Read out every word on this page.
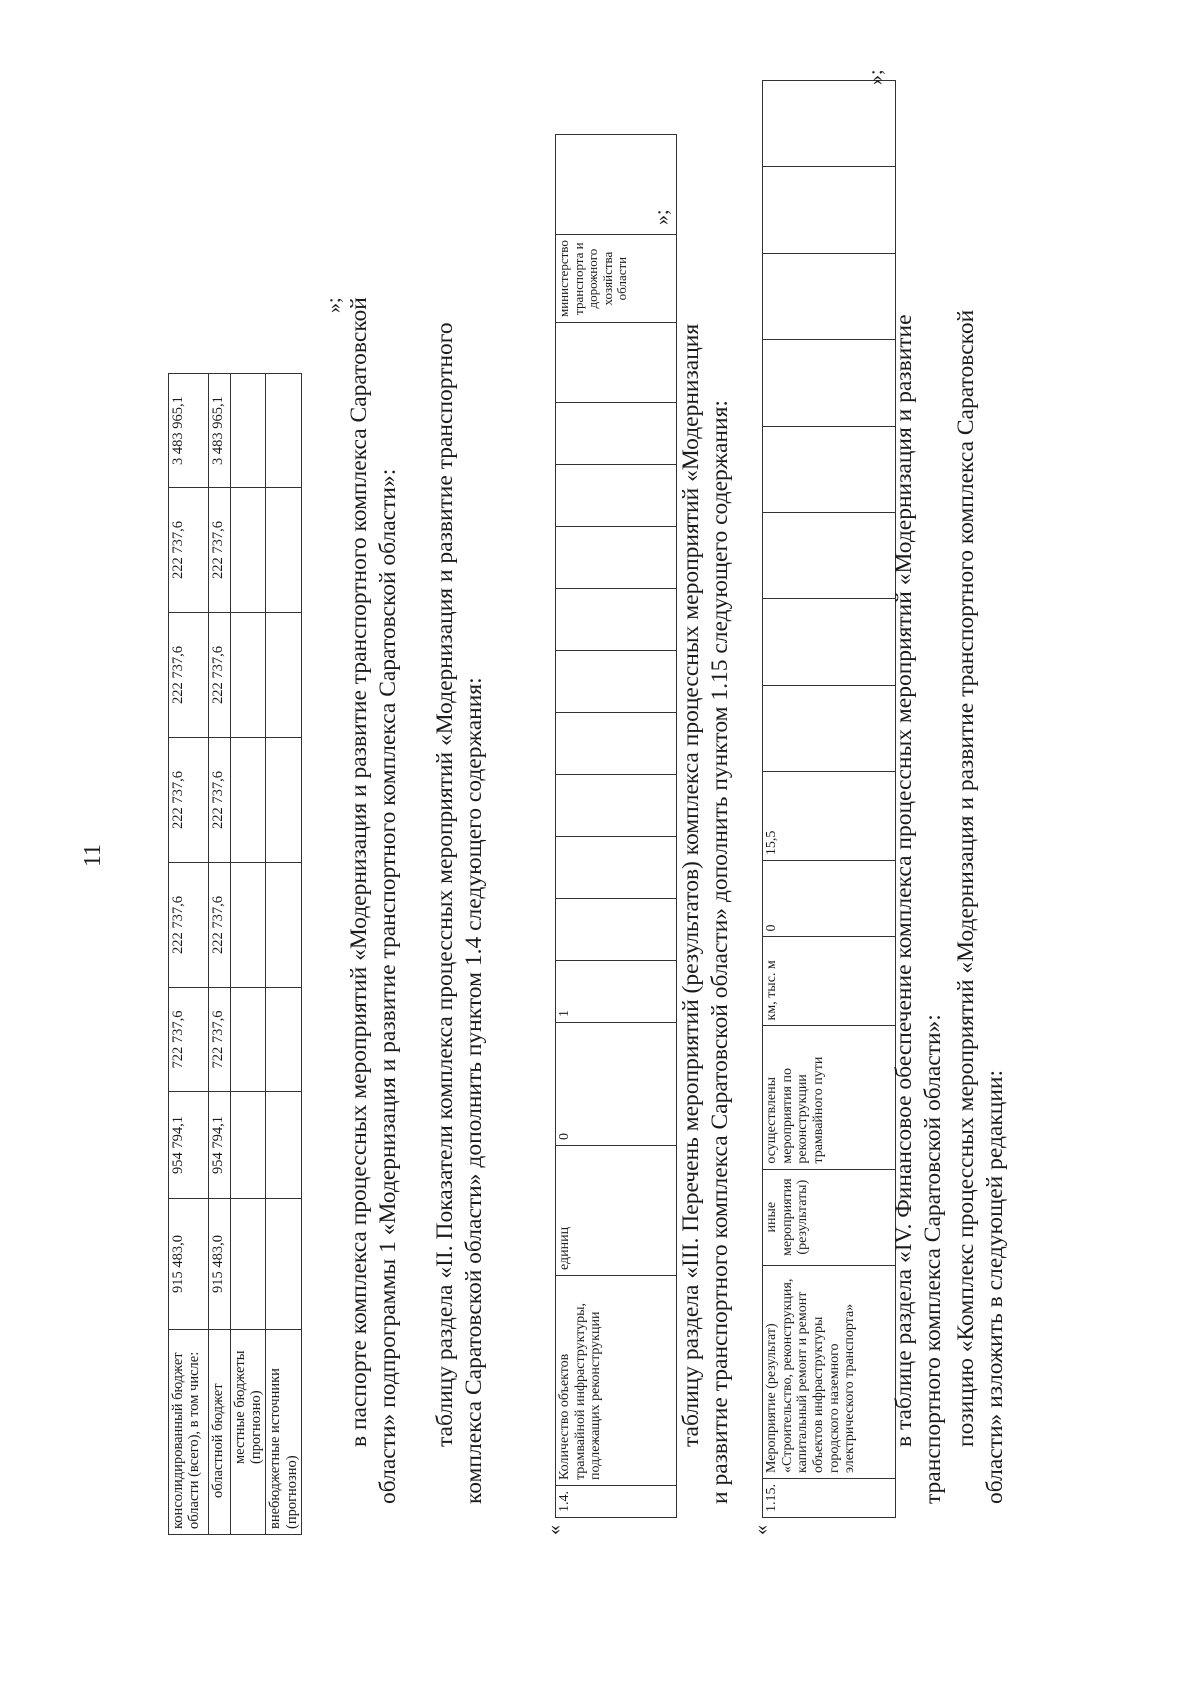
11
консолидированный бюджет области (всего), в том числе:	915 483,0	954 794,1	722 737,6	222 737,6	222 737,6	222 737,6	222 737,6	3 483 965,1
областной бюджет	915 483,0	954 794,1	722 737,6	222 737,6	222 737,6	222 737,6	222 737,6	3 483 965,1
местные бюджеты (прогнозно)								
внебюджетные источники (прогнозно)								
»; в паспорте комплекса процессных мероприятий «Модернизация и развитие транспортного комплекса Саратовской области» подпрограммы 1 «Модернизация и развитие транспортного комплекса Саратовской области»: таблицу раздела «II. Показатели комплекса процессных мероприятий «Модернизация и развитие транспортного комплекса Саратовской области» дополнить пунктом 1.4 следующего содержания:
«
1.4.	Количество объектов трамвайной инфраструктуры, подлежащих реконструкции	единиц	0	1											министерство транспорта и дорожного хозяйства области	
»;
таблицу раздела «III. Перечень мероприятий (результатов) комплекса процессных мероприятий «Модернизация и развитие транспортного комплекса Саратовской области» дополнить пунктом 1.15 следующего содержания:
«
1.15.	Мероприятие (результат) «Строительство, реконструкция, капитальный ремонт и ремонт объектов инфраструктуры городского наземного электрического транспорта»	иные мероприятия (результаты)	осуществлены мероприятия по реконструкции трамвайного пути	км, тыс. м	0	15,5								
»;
в таблице раздела «IV. Финансовое обеспечение комплекса процессных мероприятий «Модернизация и развитие транспортного комплекса Саратовской области»: позицию «Комплекс процессных мероприятий «Модернизация и развитие транспортного комплекса Саратовской области» изложить в следующей редакции:
